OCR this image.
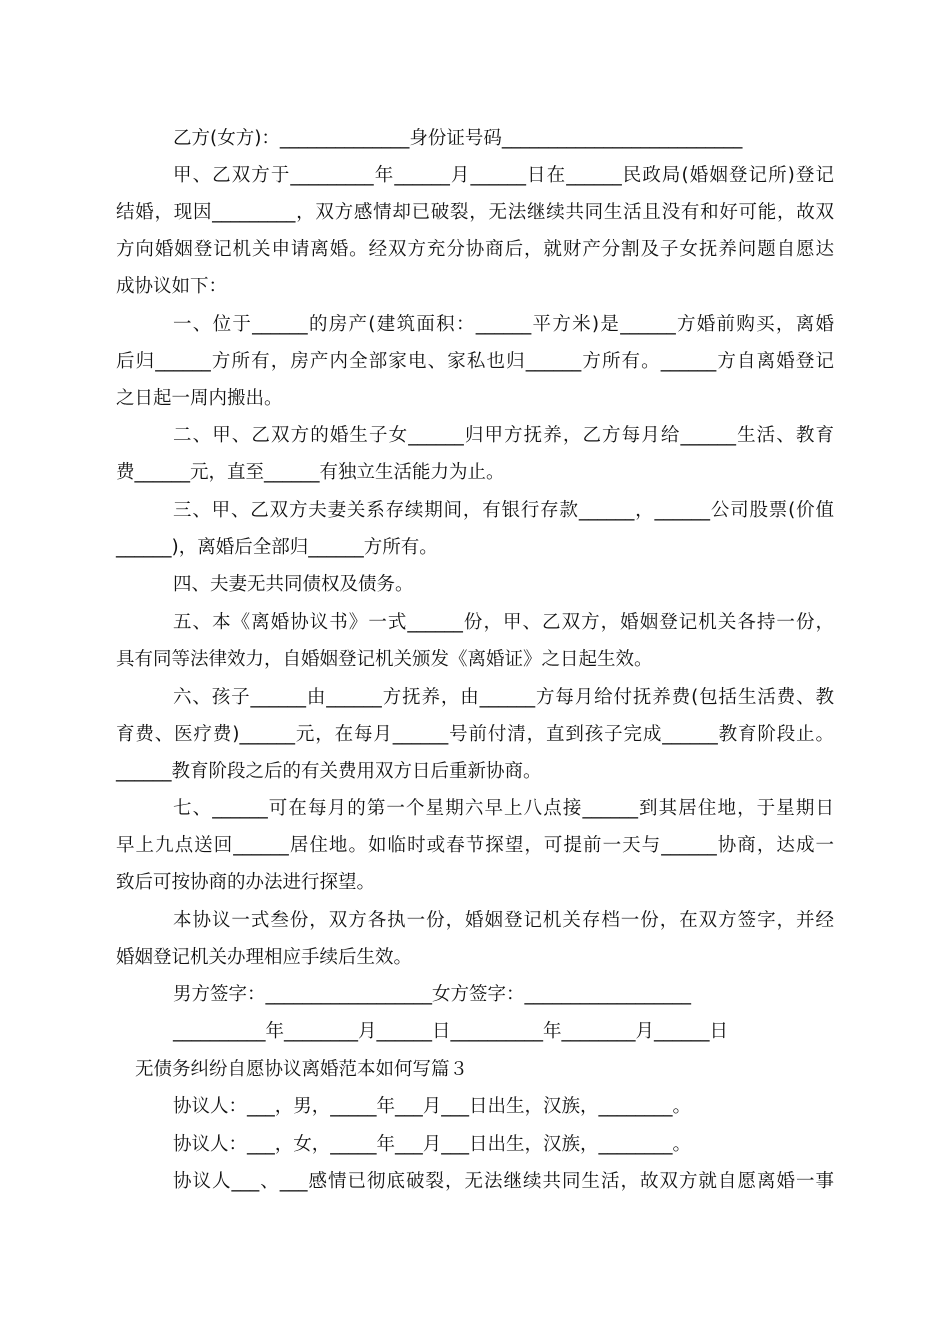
乙方(女方)：______________身份证号码__________________________
甲、乙双方于_________年______月______日在______民政局(婚姻登记所)登记
结婚，现因_________，双方感情却已破裂，无法继续共同生活且没有和好可能，故双
方向婚姻登记机关申请离婚。经双方充分协商后，就财产分割及子女抚养问题自愿达
成协议如下：
一、位于______的房产(建筑面积：______平方米)是______方婚前购买，离婚
后归______方所有，房产内全部家电、家私也归______方所有。______方自离婚登记
之日起一周内搬出。
二、甲、乙双方的婚生子女______归甲方抚养，乙方每月给______生活、教育
费______元，直至______有独立生活能力为止。
三、甲、乙双方夫妻关系存续期间，有银行存款______，______公司股票(价值
______)，离婚后全部归______方所有。
四、夫妻无共同债权及债务。
五、本《离婚协议书》一式______份，甲、乙双方，婚姻登记机关各持一份，
具有同等法律效力，自婚姻登记机关颁发《离婚证》之日起生效。
六、孩子______由______方抚养，由______方每月给付抚养费(包括生活费、教
育费、医疗费)______元，在每月______号前付清，直到孩子完成______教育阶段止。
______教育阶段之后的有关费用双方日后重新协商。
七、______可在每月的第一个星期六早上八点接______到其居住地，于星期日
早上九点送回______居住地。如临时或春节探望，可提前一天与______协商，达成一
致后可按协商的办法进行探望。
本协议一式叁份，双方各执一份，婚姻登记机关存档一份，在双方签字，并经
婚姻登记机关办理相应手续后生效。
男方签字：__________________女方签字：__________________
__________年________月______日__________年________月______日
无债务纠纷自愿协议离婚范本如何写篇３
协议人：___，男，_____年___月___日出生，汉族，________。
协议人：___，女，_____年___月___日出生，汉族，________。
协议人___、___感情已彻底破裂，无法继续共同生活，故双方就自愿离婚一事
